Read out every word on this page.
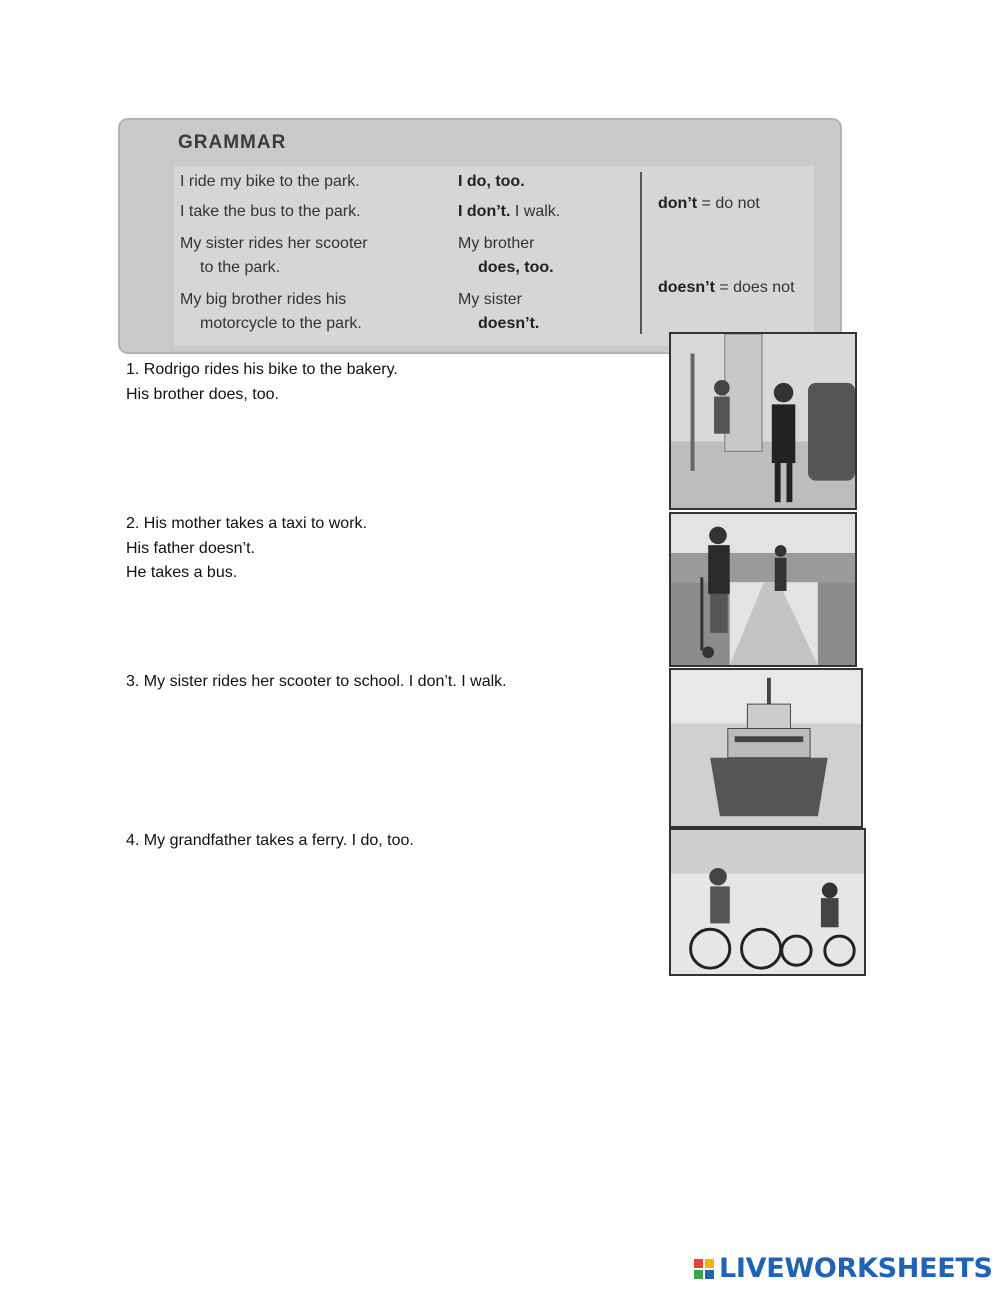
GRAMMAR
I ride my bike to the park.	I do, too.
I take the bus to the park.	I don’t. I walk.
My sister rides her scooter
to the park.
My brother
does, too.
My big brother rides his
motorcycle to the park.
My sister
doesn’t.
don’t = do not
doesn’t = does not
1. Rodrigo rides his bike to the bakery.
His brother does, too.
2. His mother takes a taxi to work.
His father doesn’t.
He takes a bus.
3. My sister rides her scooter to school. I don’t. I walk.
4. My grandfather takes a ferry. I do, too.
LIVEWORKSHEETS
